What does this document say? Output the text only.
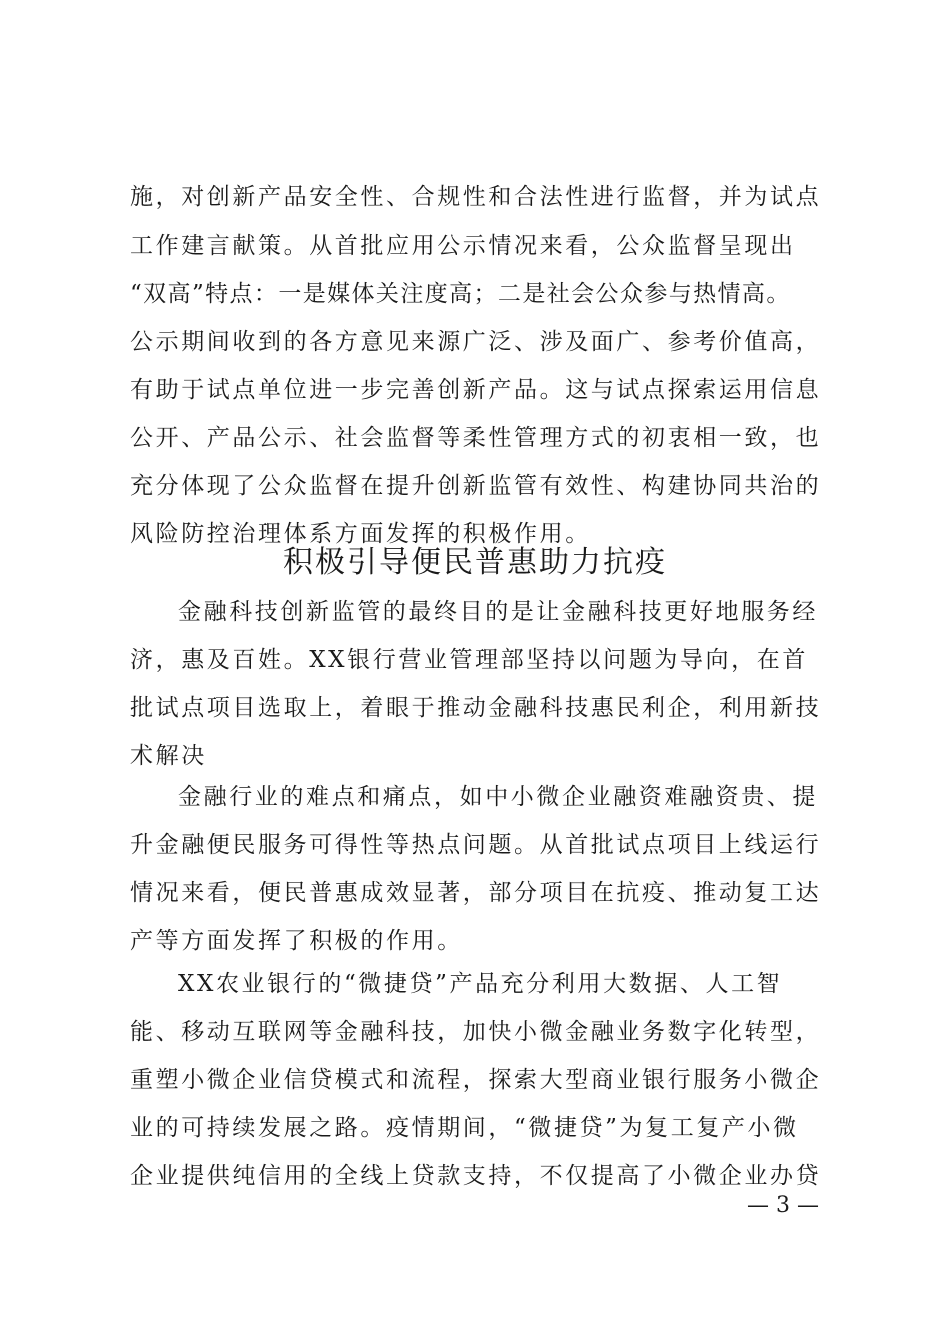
施，对创新产品安全性、合规性和合法性进行监督，并为试点
工作建言献策。从首批应用公示情况来看，公众监督呈现出
“双高”特点：一是媒体关注度高；二是社会公众参与热情高。
公示期间收到的各方意见来源广泛、涉及面广、参考价值高，
有助于试点单位进一步完善创新产品。这与试点探索运用信息
公开、产品公示、社会监督等柔性管理方式的初衷相一致，也
充分体现了公众监督在提升创新监管有效性、构建协同共治的
风险防控治理体系方面发挥的积极作用。
积极引导便民普惠助力抗疫
金融科技创新监管的最终目的是让金融科技更好地服务经
济，惠及百姓。XX银行营业管理部坚持以问题为导向，在首
批试点项目选取上，着眼于推动金融科技惠民利企，利用新技
术解决
金融行业的难点和痛点，如中小微企业融资难融资贵、提
升金融便民服务可得性等热点问题。从首批试点项目上线运行
情况来看，便民普惠成效显著，部分项目在抗疫、推动复工达
产等方面发挥了积极的作用。
XX农业银行的“微捷贷”产品充分利用大数据、人工智
能、移动互联网等金融科技，加快小微金融业务数字化转型，
重塑小微企业信贷模式和流程，探索大型商业银行服务小微企
业的可持续发展之路。疫情期间，“微捷贷”为复工复产小微
企业提供纯信用的全线上贷款支持，不仅提高了小微企业办贷
— 3 —
